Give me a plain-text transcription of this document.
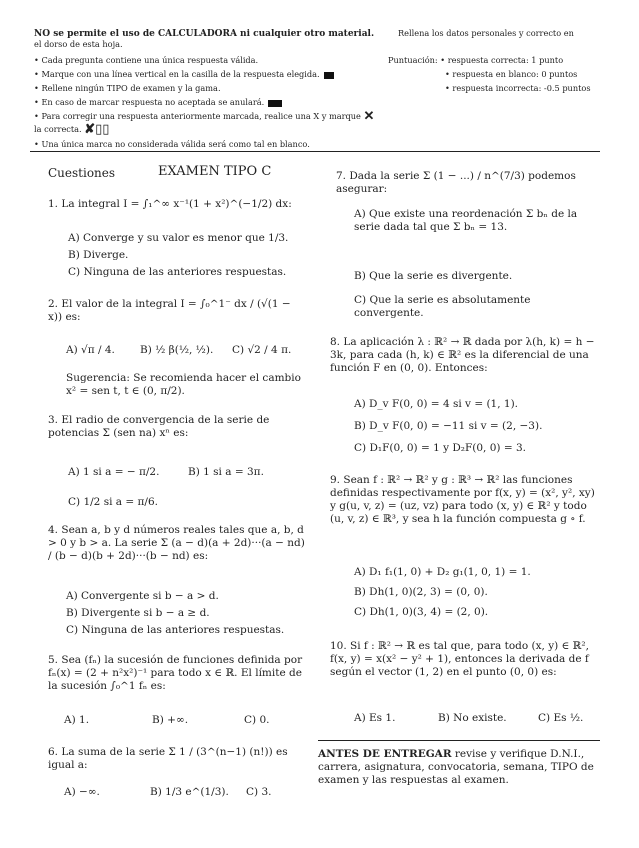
NO se permite el uso de CALCULADORA ni cualquier otro material.	Rellena los datos personales y correcto en
el dorso de esta hoja.
• Cada pregunta contiene una única respuesta válida.
• Marque con una línea vertical en la casilla de la respuesta elegida.
• Rellene ningún TIPO de examen y la gama.
• En caso de marcar respuesta no aceptada se anulará.
• Para corregir una respuesta anteriormente marcada, realice una X y marque ✕
la correcta. ✘▯▯
• Una única marca no considerada válida será como tal en blanco.
Puntuación: • respuesta correcta: 1 punto
• respuesta en blanco: 0 puntos
• respuesta incorrecta: -0.5 puntos
Cuestiones	EXAMEN TIPO C
1. La integral I = ∫₁^∞ x⁻¹(1 + x²)^(−1/2) dx:
A) Converge y su valor es menor que 1/3.
B) Diverge.
C) Ninguna de las anteriores respuestas.
2. El valor de la integral I = ∫₀^1⁻ dx / (√(1 − x)) es:
A) √π / 4. B) ½ β(½, ½). C) √2 / 4 π.
Sugerencia: Se recomienda hacer el cambio x² = sen t, t ∈ (0, π/2).
3. El radio de convergencia de la serie de potencias Σ (sen na) xⁿ es:
A) 1 si a = − π/2.	B) 1 si a = 3π.
C) 1/2 si a = π/6.
4. Sean a, b y d números reales tales que a, b, d > 0 y b > a. La serie Σ (a − d)(a + 2d)···(a − nd) / (b − d)(b + 2d)···(b − nd) es:
A) Convergente si b − a > d.
B) Divergente si b − a ≥ d.
C) Ninguna de las anteriores respuestas.
5. Sea (fₙ) la sucesión de funciones definida por fₙ(x) = (2 + n²x²)⁻¹ para todo x ∈ ℝ. El límite de la sucesión ∫₀^1 fₙ es:
A) 1.	B) +∞.	C) 0.
6. La suma de la serie Σ 1 / (3^(n−1) (n!)) es igual a:
A) −∞.	B) 1/3 e^(1/3). C) 3.
7. Dada la serie Σ (1 − ...) / n^(7/3) podemos asegurar:
A) Que existe una reordenación Σ bₙ de la serie dada tal que Σ bₙ = 13.
B) Que la serie es divergente.
C) Que la serie es absolutamente convergente.
8. La aplicación λ : ℝ² → ℝ dada por λ(h, k) = h − 3k, para cada (h, k) ∈ ℝ² es la diferencial de una función F en (0, 0). Entonces:
A) D_v F(0, 0) = 4 si v = (1, 1).
B) D_v F(0, 0) = −11 si v = (2, −3).
C) D₁F(0, 0) = 1 y D₂F(0, 0) = 3.
9. Sean f : ℝ² → ℝ² y g : ℝ³ → ℝ² las funciones definidas respectivamente por f(x, y) = (x², y², xy) y g(u, v, z) = (uz, vz) para todo (x, y) ∈ ℝ² y todo (u, v, z) ∈ ℝ³, y sea h la función compuesta g ∘ f.
A) D₁ f₁(1, 0) + D₂ g₁(1, 0, 1) = 1.
B) Dh(1, 0)(2, 3) = (0, 0).
C) Dh(1, 0)(3, 4) = (2, 0).
10. Si f : ℝ² → ℝ es tal que, para todo (x, y) ∈ ℝ², f(x, y) = x(x² − y² + 1), entonces la derivada de f según el vector (1, 2) en el punto (0, 0) es:
A) Es 1.	B) No existe.	C) Es ½.
ANTES DE ENTREGAR revise y verifique D.N.I., carrera, asignatura, convocatoria, semana, TIPO de examen y las respuestas al examen.
